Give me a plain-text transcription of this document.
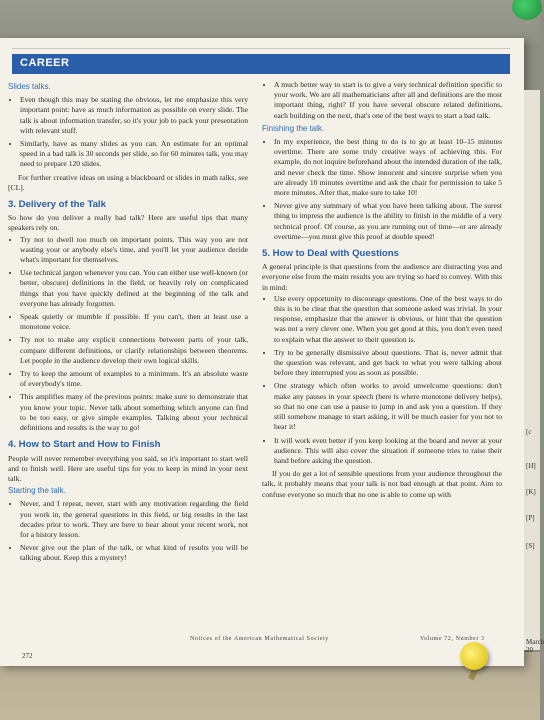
CAREER
Slides talks.
• Even though this may be stating the obvious, let me emphasize this very important point: have as much information as possible on every slide. The talk is about information transfer, so it's your job to pack your presentation with relevant stuff.
• Similarly, have as many slides as you can. An estimate for an optimal speed in a bad talk is 30 seconds per slide, so for 60 minutes talk, you may need to prepare 120 slides.

For further creative ideas on using a blackboard or slides in math talks, see [CL].

3. Delivery of the Talk

So how do you deliver a really bad talk? Here are useful tips that many speakers rely on.

• Try not to dwell too much on important points. This way you are not wasting your or anybody else's time, and you'll let your audience decide what's important for themselves.
• Use technical jargon whenever you can. You can either use well-known (or better, obscure) definitions in the field, or heavily rely on complicated things that you have quickly defined at the beginning of the talk and everyone has already forgotten.
• Speak quietly or mumble if possible. If you can't, then at least use a monotone voice.
• Try not to make any explicit connections between parts of your talk, compare different definitions, or clarify relationships between theorems. Let people in the audience develop their own logical skills.
• Try to keep the amount of examples to a minimum. It's an absolute waste of everybody's time.
• This amplifies many of the previous points: make sure to demonstrate that you know your topic. Never talk about something which anyone can find to be too easy, or give simple examples. Talking about your technical definitions and results is the way to go!
4. How to Start and How to Finish

People will never remember everything you said, so it's important to start well and to finish well. Here are useful tips for you to keep in mind in your next talk.

Starting the talk.
• Never, and I repeat, never, start with any motivation regarding the field you work in, the general questions in this field, or big results in the last decades prior to work. They are here to hear about your recent work, not for a history lesson.
• Never give out the plan of the talk, or what kind of results you will be talking about. Keep this a mystery!
• A much better way to start is to give a very technical definition specific to your work. We are all mathematicians after all and definitions are the most important thing, right? If you have several obscure related definitions, each building on the next, that's one of the best ways to start a bad talk.
Finishing the talk.
• In my experience, the best thing to do is to go at least 10–15 minutes overtime. There are some truly creative ways of achieving this. For example, do not inquire beforehand about the intended duration of the talk, and never check the time. Show innocent and sincere surprise when you are already 10 minutes overtime and ask the chair for permission to take 5 more minutes. After that, make sure to take 10!
• Never give any summary of what you have been talking about. The surest thing to impress the audience is the ability to finish in the middle of a very technical proof. Of course, as you are running out of time—or are already overtime—you must give this proof at double speed!
5. How to Deal with Questions

A general principle is that questions from the audience are distracting you and everyone else from the main results you are trying so hard to convey. With this in mind:

• Use every opportunity to discourage questions. One of the best ways to do this is to be clear that the question that someone asked was trivial. In your response, emphasize that the answer is obvious, or hint that the question was not a very clever one. When you get good at this, you don't even need to explain what the answer to their question is.
• Try to be generally dismissive about questions. That is, never admit that the question was relevant, and get back to what you were talking about before they interrupted you as soon as possible.
• One strategy which often works to avoid unwelcome questions: don't make any pauses in your speech (here is where monotone delivery helps), so that no one can use a pause to jump in and ask you a question. If they still somehow manage to start asking, it will be much easier for you not to hear it!
• It will work even better if you keep looking at the board and never at your audience. This will also cover the situation if someone tries to raise their hand before asking the question.

If you do get a lot of sensible questions from your audience throughout the talk, it probably means that your talk is not bad enough at that point. Aim to confuse everyone so much that no one is able to come up with

Notices of the American Mathematical Society	Volume 72, Number 3
272
[c
[H]
[K]
[P]
[S]
March 20
